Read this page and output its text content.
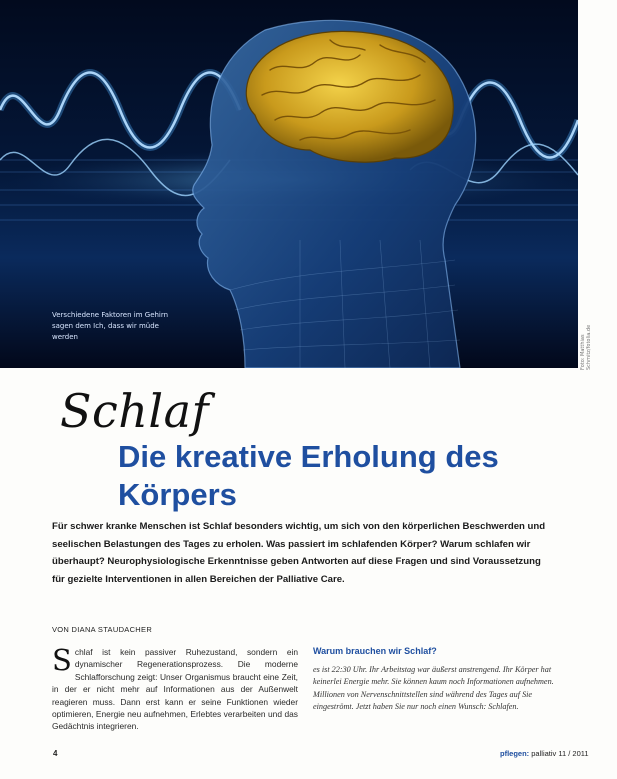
Verschiedene Faktoren im Gehirn sagen dem Ich, dass wir müde werden	Foto: Matthias Schmitz/fotolia.de
Schlaf
Die kreative Erholung des Körpers
Für schwer kranke Menschen ist Schlaf besonders wichtig, um sich von den körperlichen Beschwerden und seelischen Belastungen des Tages zu erholen. Was passiert im schlafenden Körper? Warum schlafen wir überhaupt? Neurophysiologische Erkenntnisse geben Antworten auf diese Fragen und sind Voraussetzung für gezielte Interventionen in allen Bereichen der Palliative Care.
VON DIANA STAUDACHER
S chlaf ist kein passiver Ruhezustand, sondern ein dynamischer Regenerationsprozess. Die moderne Schlafforschung zeigt: Unser Organismus braucht eine Zeit, in der er nicht mehr auf Informationen aus der Außenwelt reagieren muss. Dann erst kann er seine Funktionen wieder optimieren, Energie neu aufnehmen, Erlebtes verarbeiten und das Gedächtnis integrieren.
Warum brauchen wir Schlaf?
es ist 22:30 Uhr. Ihr Arbeitstag war äußerst anstrengend. Ihr Körper hat keinerlei Energie mehr. Sie können kaum noch Informationen aufnehmen. Millionen von Nervenschnittstellen sind während des Tages auf Sie eingeströmt. Jetzt haben Sie nur noch einen Wunsch: Schlafen.
4	pflegen: palliativ 11 / 2011
